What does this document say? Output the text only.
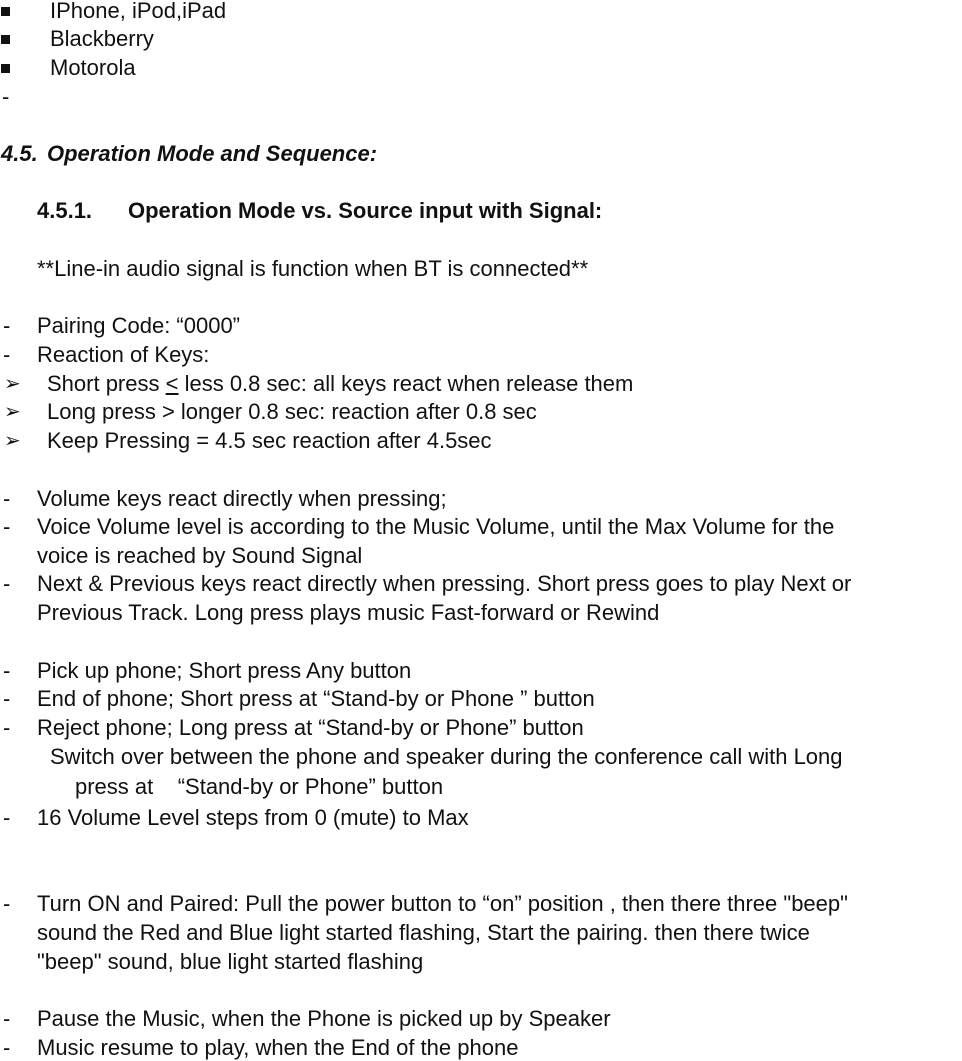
IPhone, iPod,iPad
Blackberry
Motorola
-
4.5. Operation Mode and Sequence:
4.5.1. Operation Mode vs. Source input with Signal:
**Line-in audio signal is function when BT is connected**
- Pairing Code: “0000”
- Reaction of Keys:
➢ Short press < less 0.8 sec: all keys react when release them
➢ Long press > longer 0.8 sec: reaction after 0.8 sec
➢ Keep Pressing = 4.5 sec reaction after 4.5sec
- Volume keys react directly when pressing;
- Voice Volume level is according to the Music Volume, until the Max Volume for the
voice is reached by Sound Signal
- Next & Previous keys react directly when pressing. Short press goes to play Next or
Previous Track. Long press plays music Fast-forward or Rewind
- Pick up phone; Short press Any button
- End of phone; Short press at “Stand-by or Phone ” button
- Reject phone; Long press at “Stand-by or Phone” button
Switch over between the phone and speaker during the conference call with Long
press at    “Stand-by or Phone” button
- 16 Volume Level steps from 0 (mute) to Max
- Turn ON and Paired: Pull the power button to “on” position , then there three "beep"
sound the Red and Blue light started flashing, Start the pairing. then there twice
"beep" sound, blue light started flashing
- Pause the Music, when the Phone is picked up by Speaker
- Music resume to play, when the End of the phone
